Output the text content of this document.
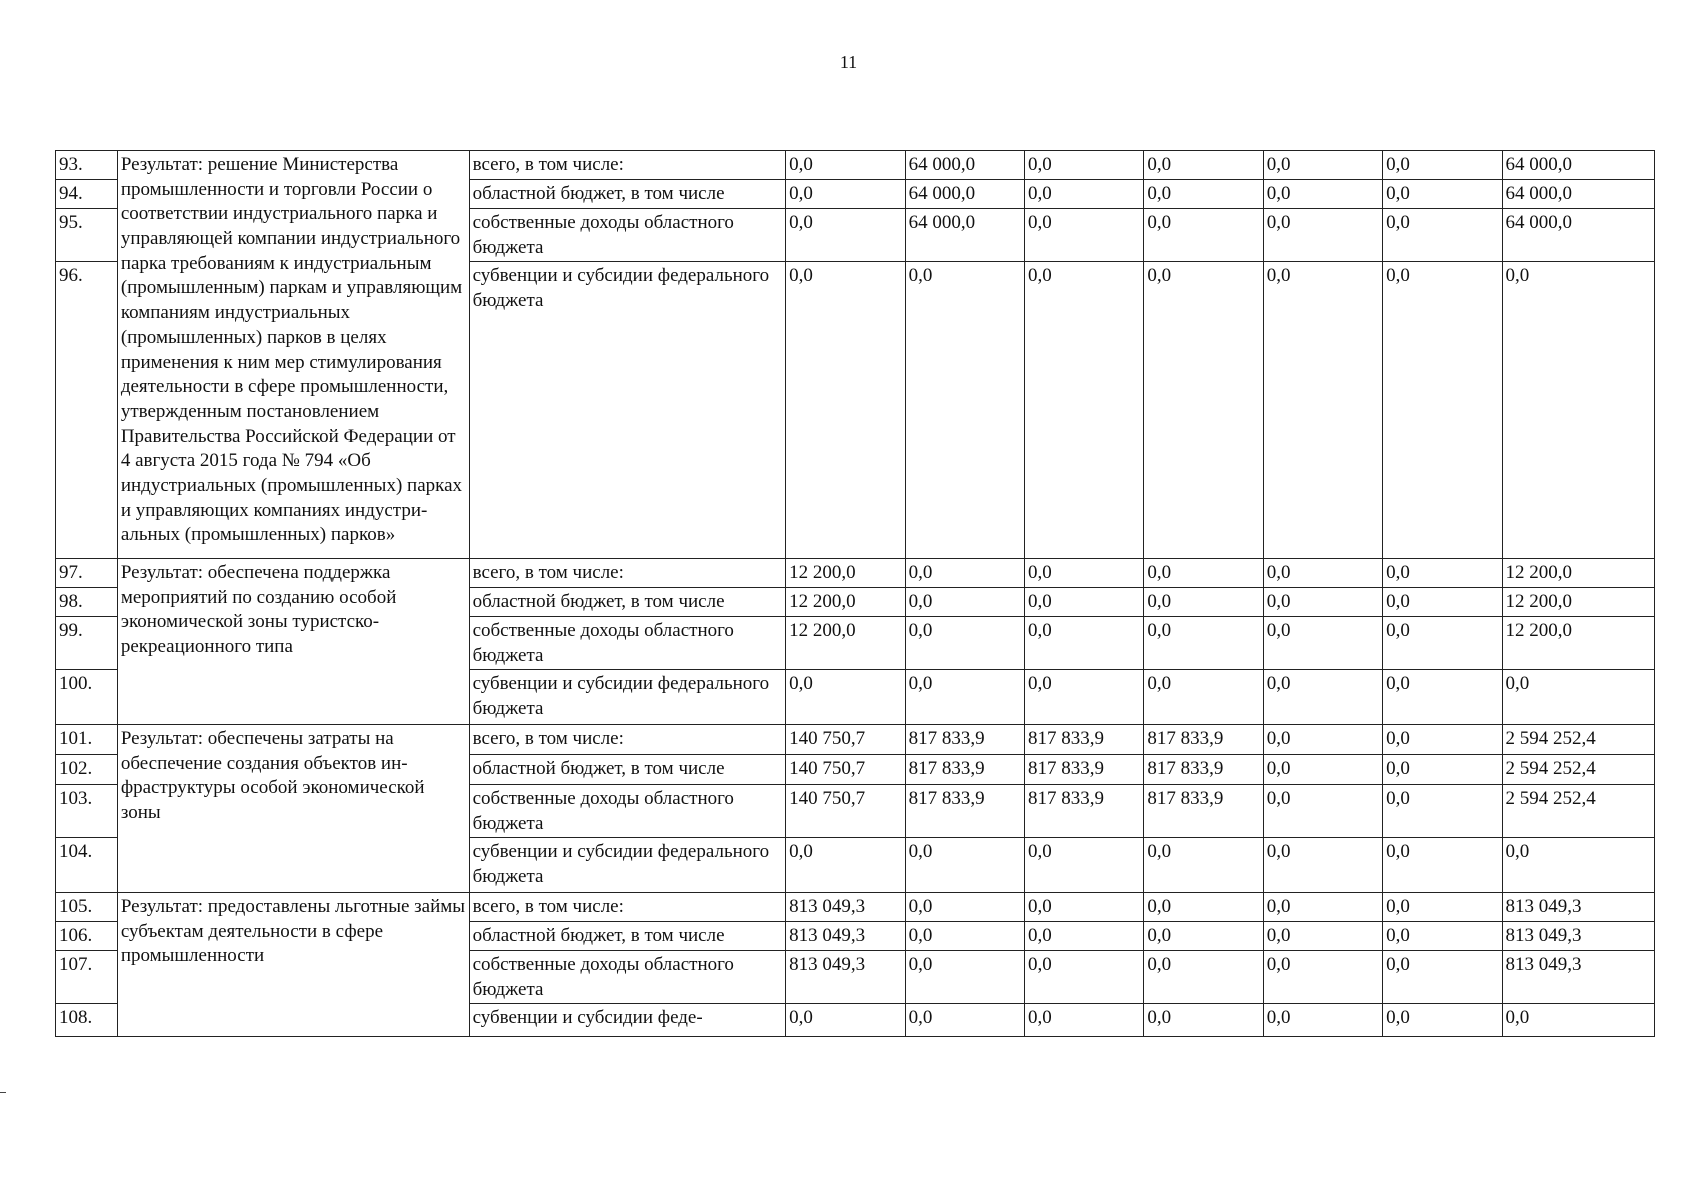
11
93.	Результат: решение Министерства промышленности и торговли России о соответствии индустриального парка и управляющей компании индустриального парка требованиям к индустриальным (промышленным) паркам и управляющим компаниям индустриальных (промышленных) парков в целях применения к ним мер стимулирования деятельности в сфере промышленности, утвержденным постановлением Правительства Российской Федерации от 4 августа 2015 года № 794 «Об индустриальных (промышленных) парках и управляющих компаниях индустриальных (промышленных) парков»	всего, в том числе:	0,0	64 000,0	0,0	0,0	0,0	0,0	64 000,0
94.		областной бюджет, в том числе	0,0	64 000,0	0,0	0,0	0,0	0,0	64 000,0
95.		собственные доходы областного бюджета	0,0	64 000,0	0,0	0,0	0,0	0,0	64 000,0
96.		субвенции и субсидии федерального бюджета	0,0	0,0	0,0	0,0	0,0	0,0	0,0
97.	Результат: обеспечена поддержка мероприятий по созданию особой экономической зоны туристско-рекреационного типа	всего, в том числе:	12 200,0	0,0	0,0	0,0	0,0	0,0	12 200,0
98.		областной бюджет, в том числе	12 200,0	0,0	0,0	0,0	0,0	0,0	12 200,0
99.		собственные доходы областного бюджета	12 200,0	0,0	0,0	0,0	0,0	0,0	12 200,0
100.		субвенции и субсидии федерального бюджета	0,0	0,0	0,0	0,0	0,0	0,0	0,0
101.	Результат: обеспечены затраты на обеспечение создания объектов инфраструктуры особой экономической зоны	всего, в том числе:	140 750,7	817 833,9	817 833,9	817 833,9	0,0	0,0	2 594 252,4
102.		областной бюджет, в том числе	140 750,7	817 833,9	817 833,9	817 833,9	0,0	0,0	2 594 252,4
103.		собственные доходы областного бюджета	140 750,7	817 833,9	817 833,9	817 833,9	0,0	0,0	2 594 252,4
104.		субвенции и субсидии федерального бюджета	0,0	0,0	0,0	0,0	0,0	0,0	0,0
105.	Результат: предоставлены льготные займы субъектам деятельности в сфере промышленности	всего, в том числе:	813 049,3	0,0	0,0	0,0	0,0	0,0	813 049,3
106.		областной бюджет, в том числе	813 049,3	0,0	0,0	0,0	0,0	0,0	813 049,3
107.		собственные доходы областного бюджета	813 049,3	0,0	0,0	0,0	0,0	0,0	813 049,3
108.		субвенции и субсидии феде-	0,0	0,0	0,0	0,0	0,0	0,0	0,0
